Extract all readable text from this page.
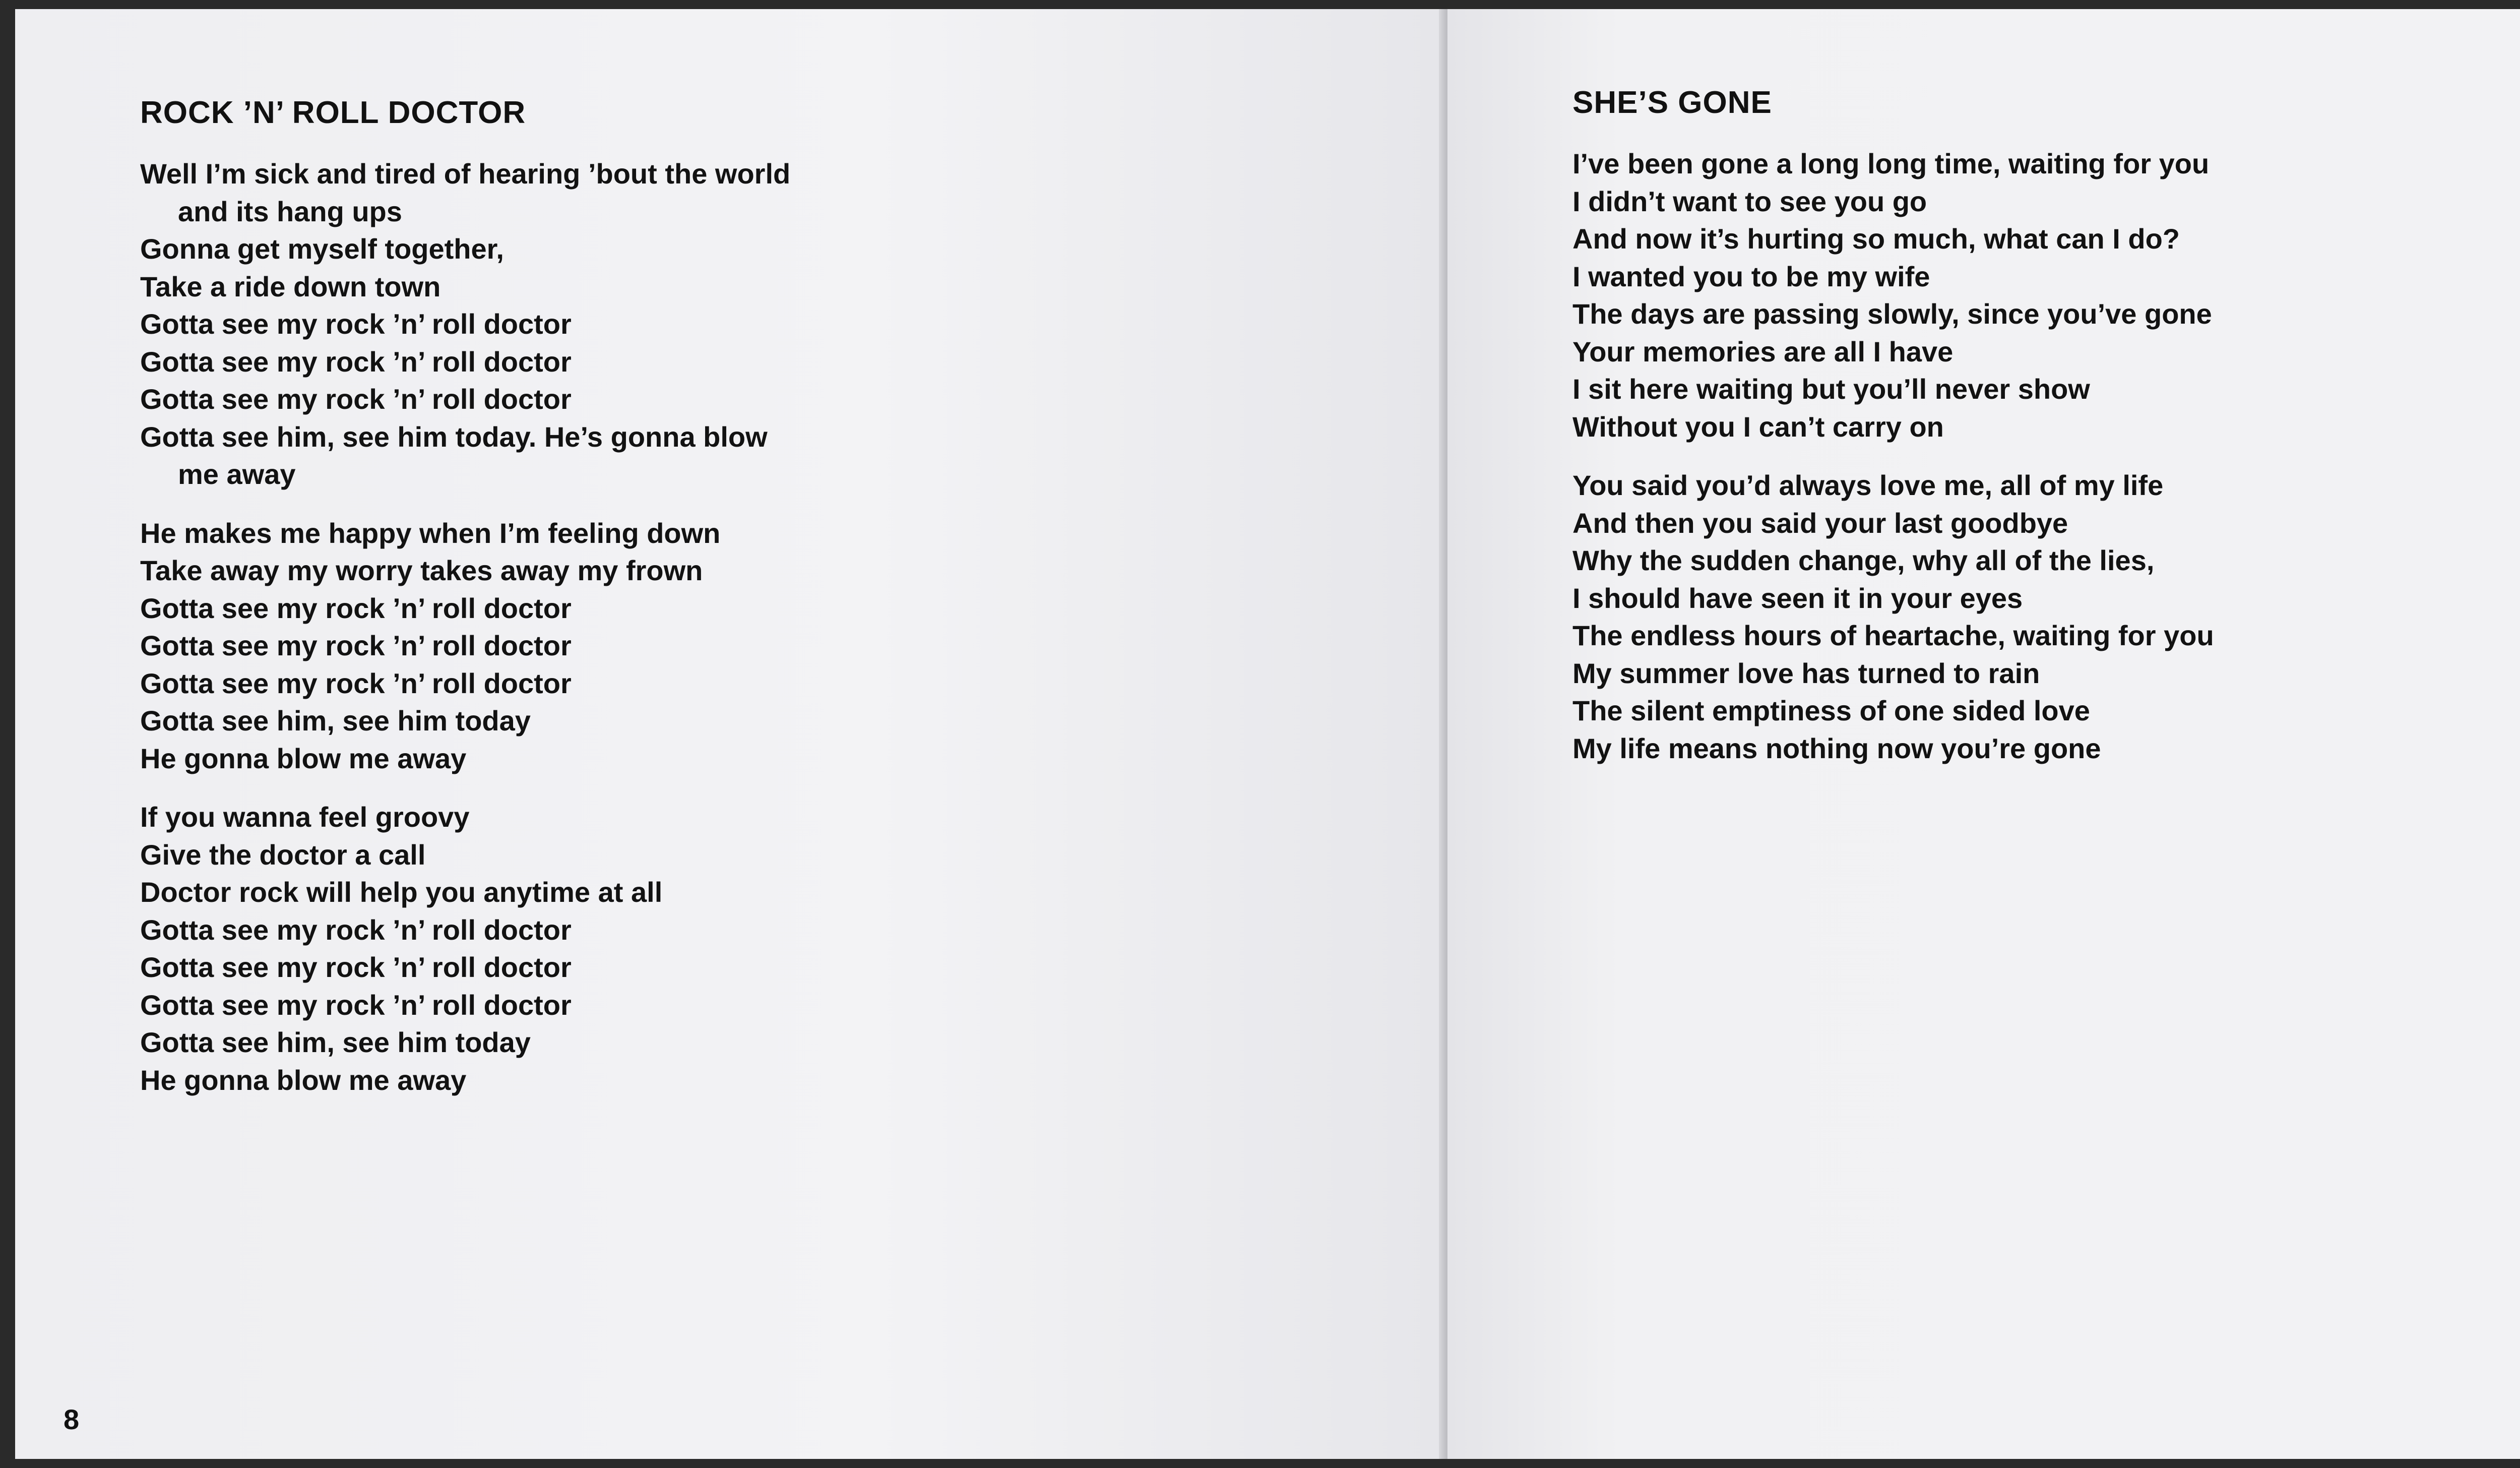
ROCK ’N’ ROLL DOCTOR
Well I’m sick and tired of hearing ’bout the world
and its hang ups
Gonna get myself together,
Take a ride down town
Gotta see my rock ’n’ roll doctor
Gotta see my rock ’n’ roll doctor
Gotta see my rock ’n’ roll doctor
Gotta see him, see him today. He’s gonna blow
me away
He makes me happy when I’m feeling down
Take away my worry takes away my frown
Gotta see my rock ’n’ roll doctor
Gotta see my rock ’n’ roll doctor
Gotta see my rock ’n’ roll doctor
Gotta see him, see him today
He gonna blow me away
If you wanna feel groovy
Give the doctor a call
Doctor rock will help you anytime at all
Gotta see my rock ’n’ roll doctor
Gotta see my rock ’n’ roll doctor
Gotta see my rock ’n’ roll doctor
Gotta see him, see him today
He gonna blow me away
8
SHE’S GONE
I’ve been gone a long long time, waiting for you
I didn’t want to see you go
And now it’s hurting so much, what can I do?
I wanted you to be my wife
The days are passing slowly, since you’ve gone
Your memories are all I have
I sit here waiting but you’ll never show
Without you I can’t carry on
You said you’d always love me, all of my life
And then you said your last goodbye
Why the sudden change, why all of the lies,
I should have seen it in your eyes
The endless hours of heartache, waiting for you
My summer love has turned to rain
The silent emptiness of one sided love
My life means nothing now you’re gone
